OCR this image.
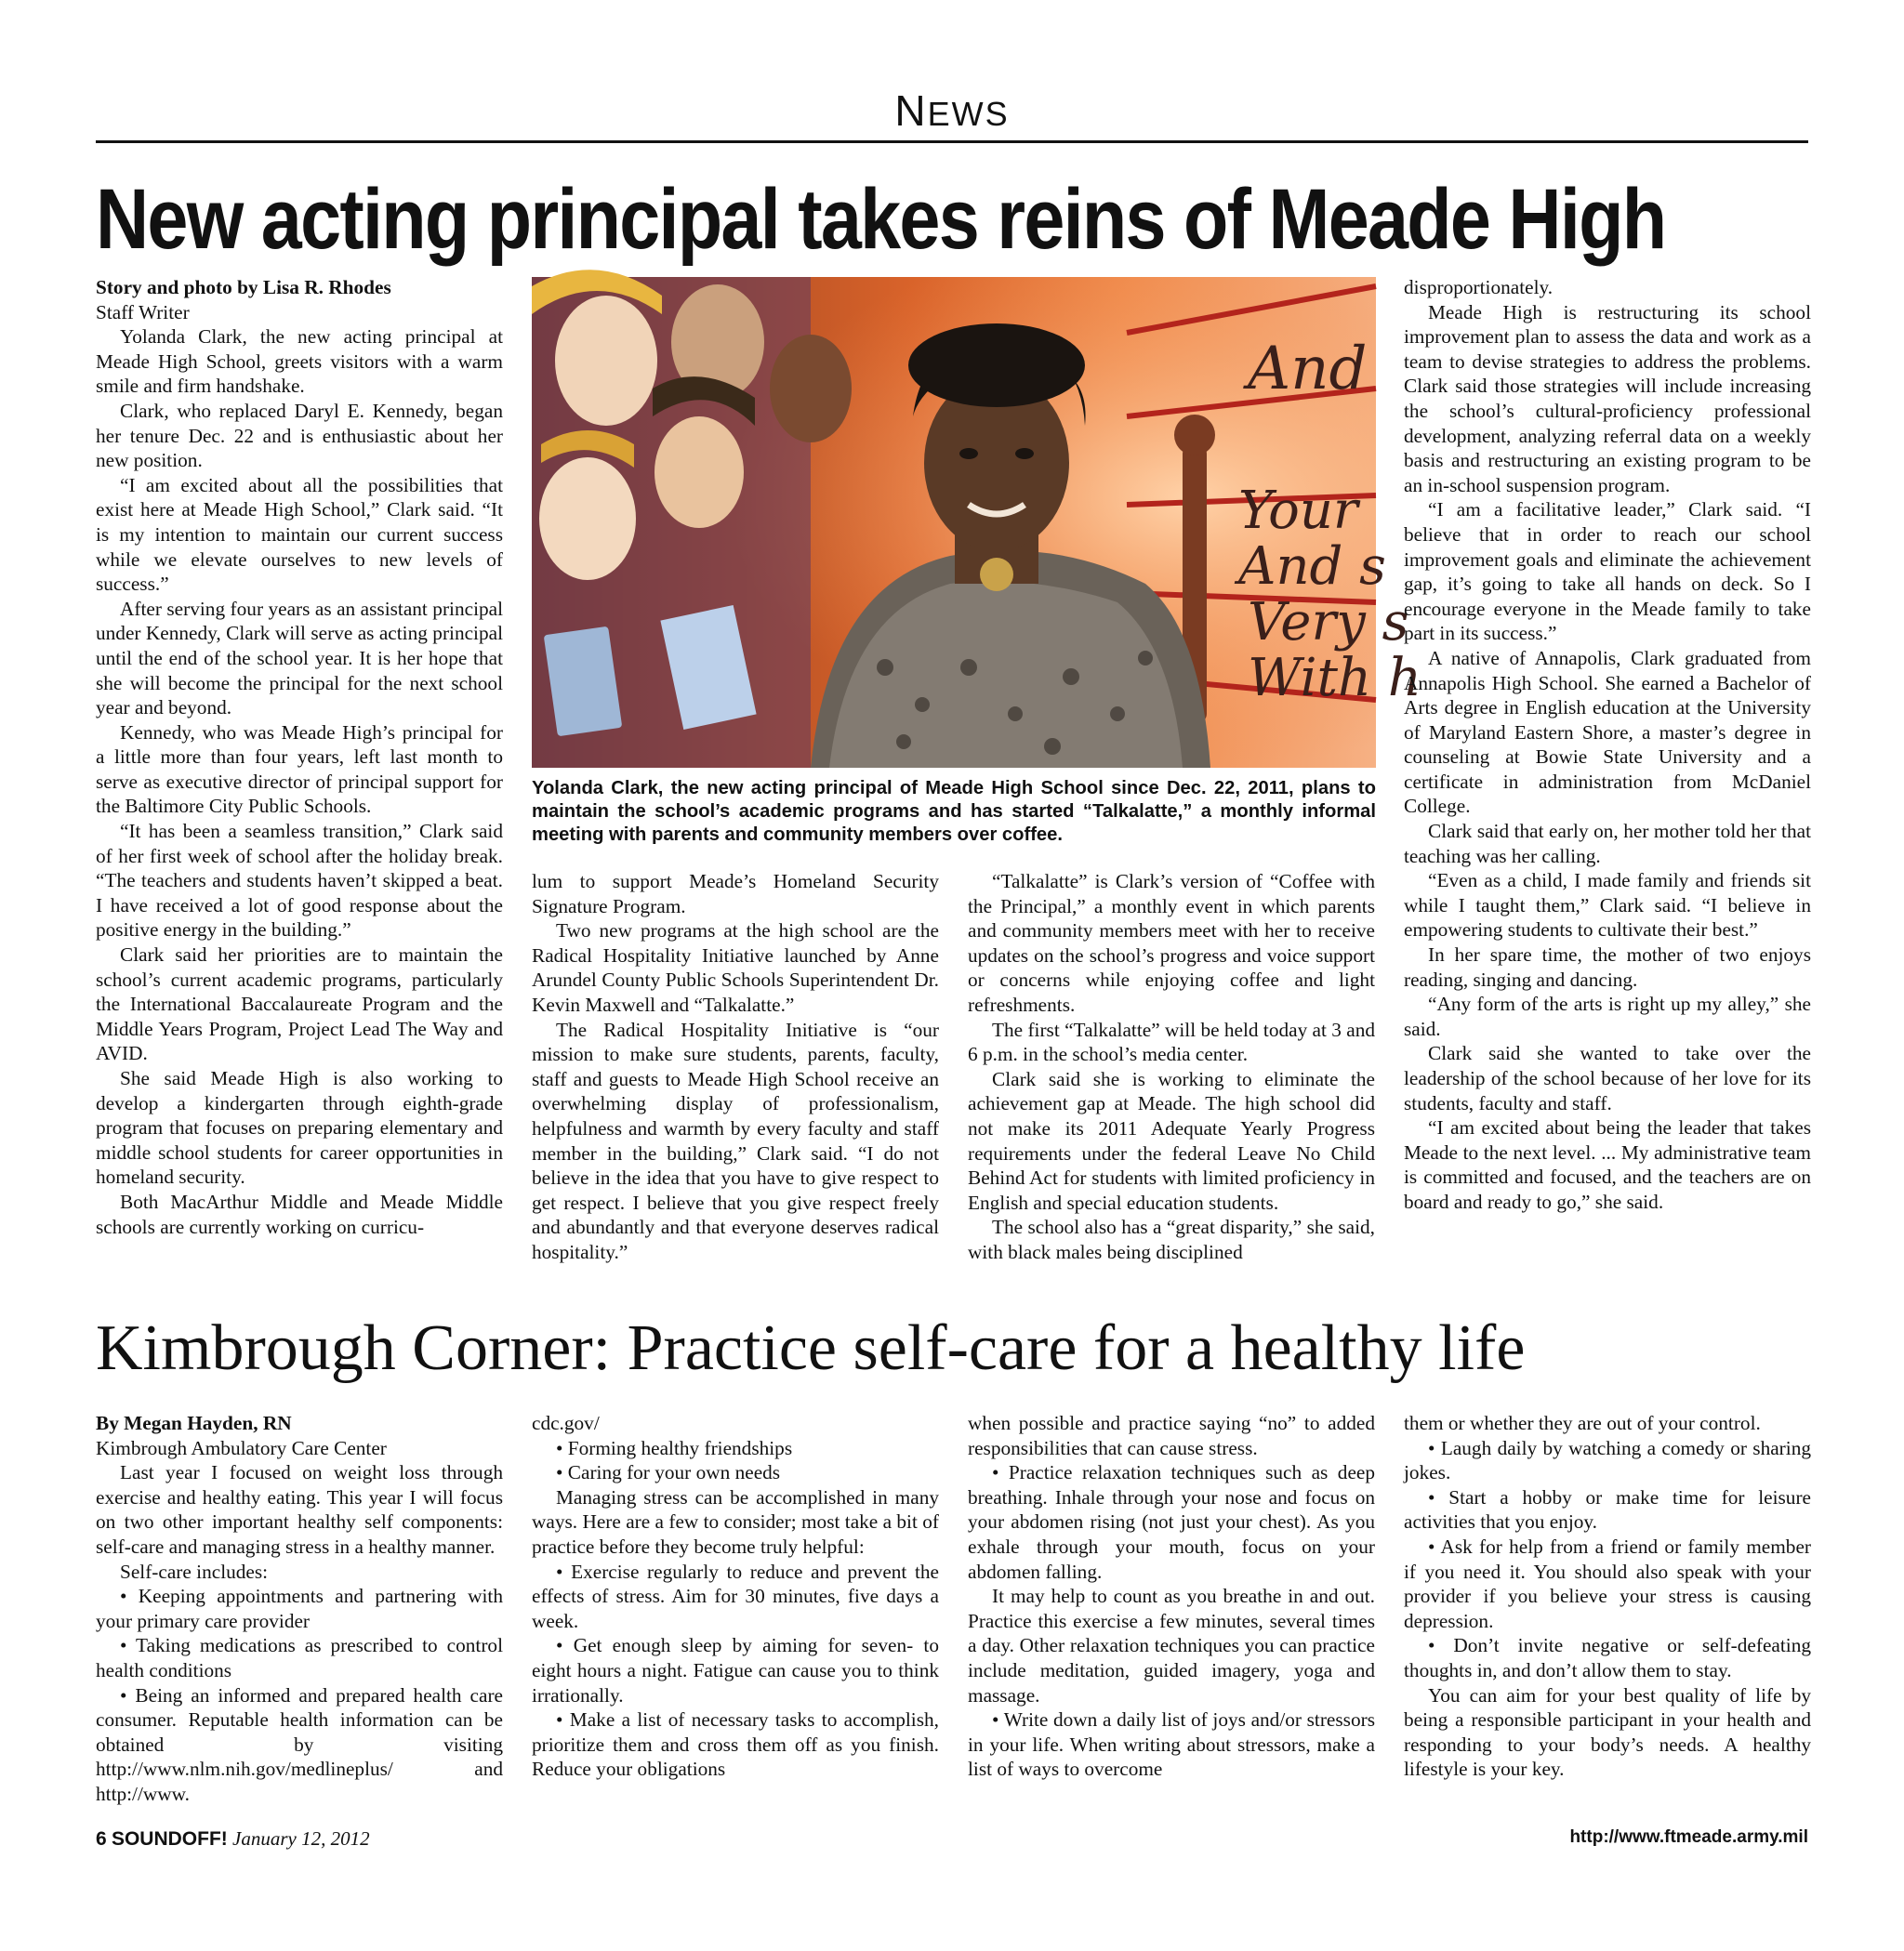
NEWS
New acting principal takes reins of Meade High

Story and photo by Lisa R. Rhodes

Staff Writer

Yolanda Clark, the new acting principal at Meade High School, greets visitors with a warm smile and firm handshake.

Clark, who replaced Daryl E. Kennedy, began her tenure Dec. 22 and is enthusiastic about her new position.

“I am excited about all the possibilities that exist here at Meade High School,” Clark said. “It is my intention to maintain our current success while we elevate ourselves to new levels of success.”

After serving four years as an assistant principal under Kennedy, Clark will serve as acting principal until the end of the school year. It is her hope that she will become the principal for the next school year and beyond.

Kennedy, who was Meade High’s principal for a little more than four years, left last month to serve as executive director of principal support for the Baltimore City Public Schools.

“It has been a seamless transition,” Clark said of her first week of school after the holiday break. “The teachers and students haven’t skipped a beat. I have received a lot of good response about the positive energy in the building.”

Clark said her priorities are to maintain the school’s current academic programs, particularly the International Baccalaureate Program and the Middle Years Program, Project Lead The Way and AVID.

She said Meade High is also working to develop a kindergarten through eighth-grade program that focuses on preparing elementary and middle school students for career opportunities in homeland security.

Both MacArthur Middle and Meade Middle schools are currently working on curricu-

And
Your
And s
Very s
With h
Yolanda Clark, the new acting principal of Meade High School since Dec. 22, 2011, plans to maintain the school’s academic programs and has started “Talkalatte,” a monthly informal meeting with parents and community members over coffee.

lum to support Meade’s Homeland Security Signature Program.

Two new programs at the high school are the Radical Hospitality Initiative launched by Anne Arundel County Public Schools Superintendent Dr. Kevin Maxwell and “Talkalatte.”

The Radical Hospitality Initiative is “our mission to make sure students, parents, faculty, staff and guests to Meade High School receive an overwhelming display of professionalism, helpfulness and warmth by every faculty and staff member in the building,” Clark said. “I do not believe in the idea that you have to give respect to get respect. I believe that you give respect freely and abundantly and that everyone deserves radical hospitality.”

“Talkalatte” is Clark’s version of “Coffee with the Principal,” a monthly event in which parents and community members meet with her to receive updates on the school’s progress and voice support or concerns while enjoying coffee and light refreshments.

The first “Talkalatte” will be held today at 3 and 6 p.m. in the school’s media center.

Clark said she is working to eliminate the achievement gap at Meade. The high school did not make its 2011 Adequate Yearly Progress requirements under the federal Leave No Child Behind Act for students with limited proficiency in English and special education students.

The school also has a “great disparity,” she said, with black males being disciplined

disproportionately.

Meade High is restructuring its school improvement plan to assess the data and work as a team to devise strategies to address the problems. Clark said those strategies will include increasing the school’s cultural-proficiency professional development, analyzing referral data on a weekly basis and restructuring an existing program to be an in-school suspension program.

“I am a facilitative leader,” Clark said. “I believe that in order to reach our school improvement goals and eliminate the achievement gap, it’s going to take all hands on deck. So I encourage everyone in the Meade family to take part in its success.”

A native of Annapolis, Clark graduated from Annapolis High School. She earned a Bachelor of Arts degree in English education at the University of Maryland Eastern Shore, a master’s degree in counseling at Bowie State University and a certificate in administration from McDaniel College.

Clark said that early on, her mother told her that teaching was her calling.

“Even as a child, I made family and friends sit while I taught them,” Clark said. “I believe in empowering students to cultivate their best.”

In her spare time, the mother of two enjoys reading, singing and dancing.

“Any form of the arts is right up my alley,” she said.

Clark said she wanted to take over the leadership of the school because of her love for its students, faculty and staff.

“I am excited about being the leader that takes Meade to the next level. ... My administrative team is committed and focused, and the teachers are on board and ready to go,” she said.

Kimbrough Corner: Practice self-care for a healthy life

By Megan Hayden, RN

Kimbrough Ambulatory Care Center

Last year I focused on weight loss through exercise and healthy eating. This year I will focus on two other important healthy self components: self-care and managing stress in a healthy manner.

Self-care includes:

• Keeping appointments and partnering with your primary care provider

• Taking medications as prescribed to control health conditions

• Being an informed and prepared health care consumer. Reputable health information can be obtained by visiting http://www.nlm.nih.gov/medlineplus/ and http://www.

cdc.gov/

• Forming healthy friendships

• Caring for your own needs

Managing stress can be accomplished in many ways. Here are a few to consider; most take a bit of practice before they become truly helpful:

• Exercise regularly to reduce and prevent the effects of stress. Aim for 30 minutes, five days a week.

• Get enough sleep by aiming for seven- to eight hours a night. Fatigue can cause you to think irrationally.

• Make a list of necessary tasks to accomplish, prioritize them and cross them off as you finish. Reduce your obligations

when possible and practice saying “no” to added responsibilities that can cause stress.

• Practice relaxation techniques such as deep breathing. Inhale through your nose and focus on your abdomen rising (not just your chest). As you exhale through your mouth, focus on your abdomen falling.

It may help to count as you breathe in and out. Practice this exercise a few minutes, several times a day. Other relaxation techniques you can practice include meditation, guided imagery, yoga and massage.

• Write down a daily list of joys and/or stressors in your life. When writing about stressors, make a list of ways to overcome

them or whether they are out of your control.

• Laugh daily by watching a comedy or sharing jokes.

• Start a hobby or make time for leisure activities that you enjoy.

• Ask for help from a friend or family member if you need it. You should also speak with your provider if you believe your stress is causing depression.

• Don’t invite negative or self-defeating thoughts in, and don’t allow them to stay.

You can aim for your best quality of life by being a responsible participant in your health and responding to your body’s needs. A healthy lifestyle is your key.

6 SOUNDOFF! January 12, 2012	http://www.ftmeade.army.mil
